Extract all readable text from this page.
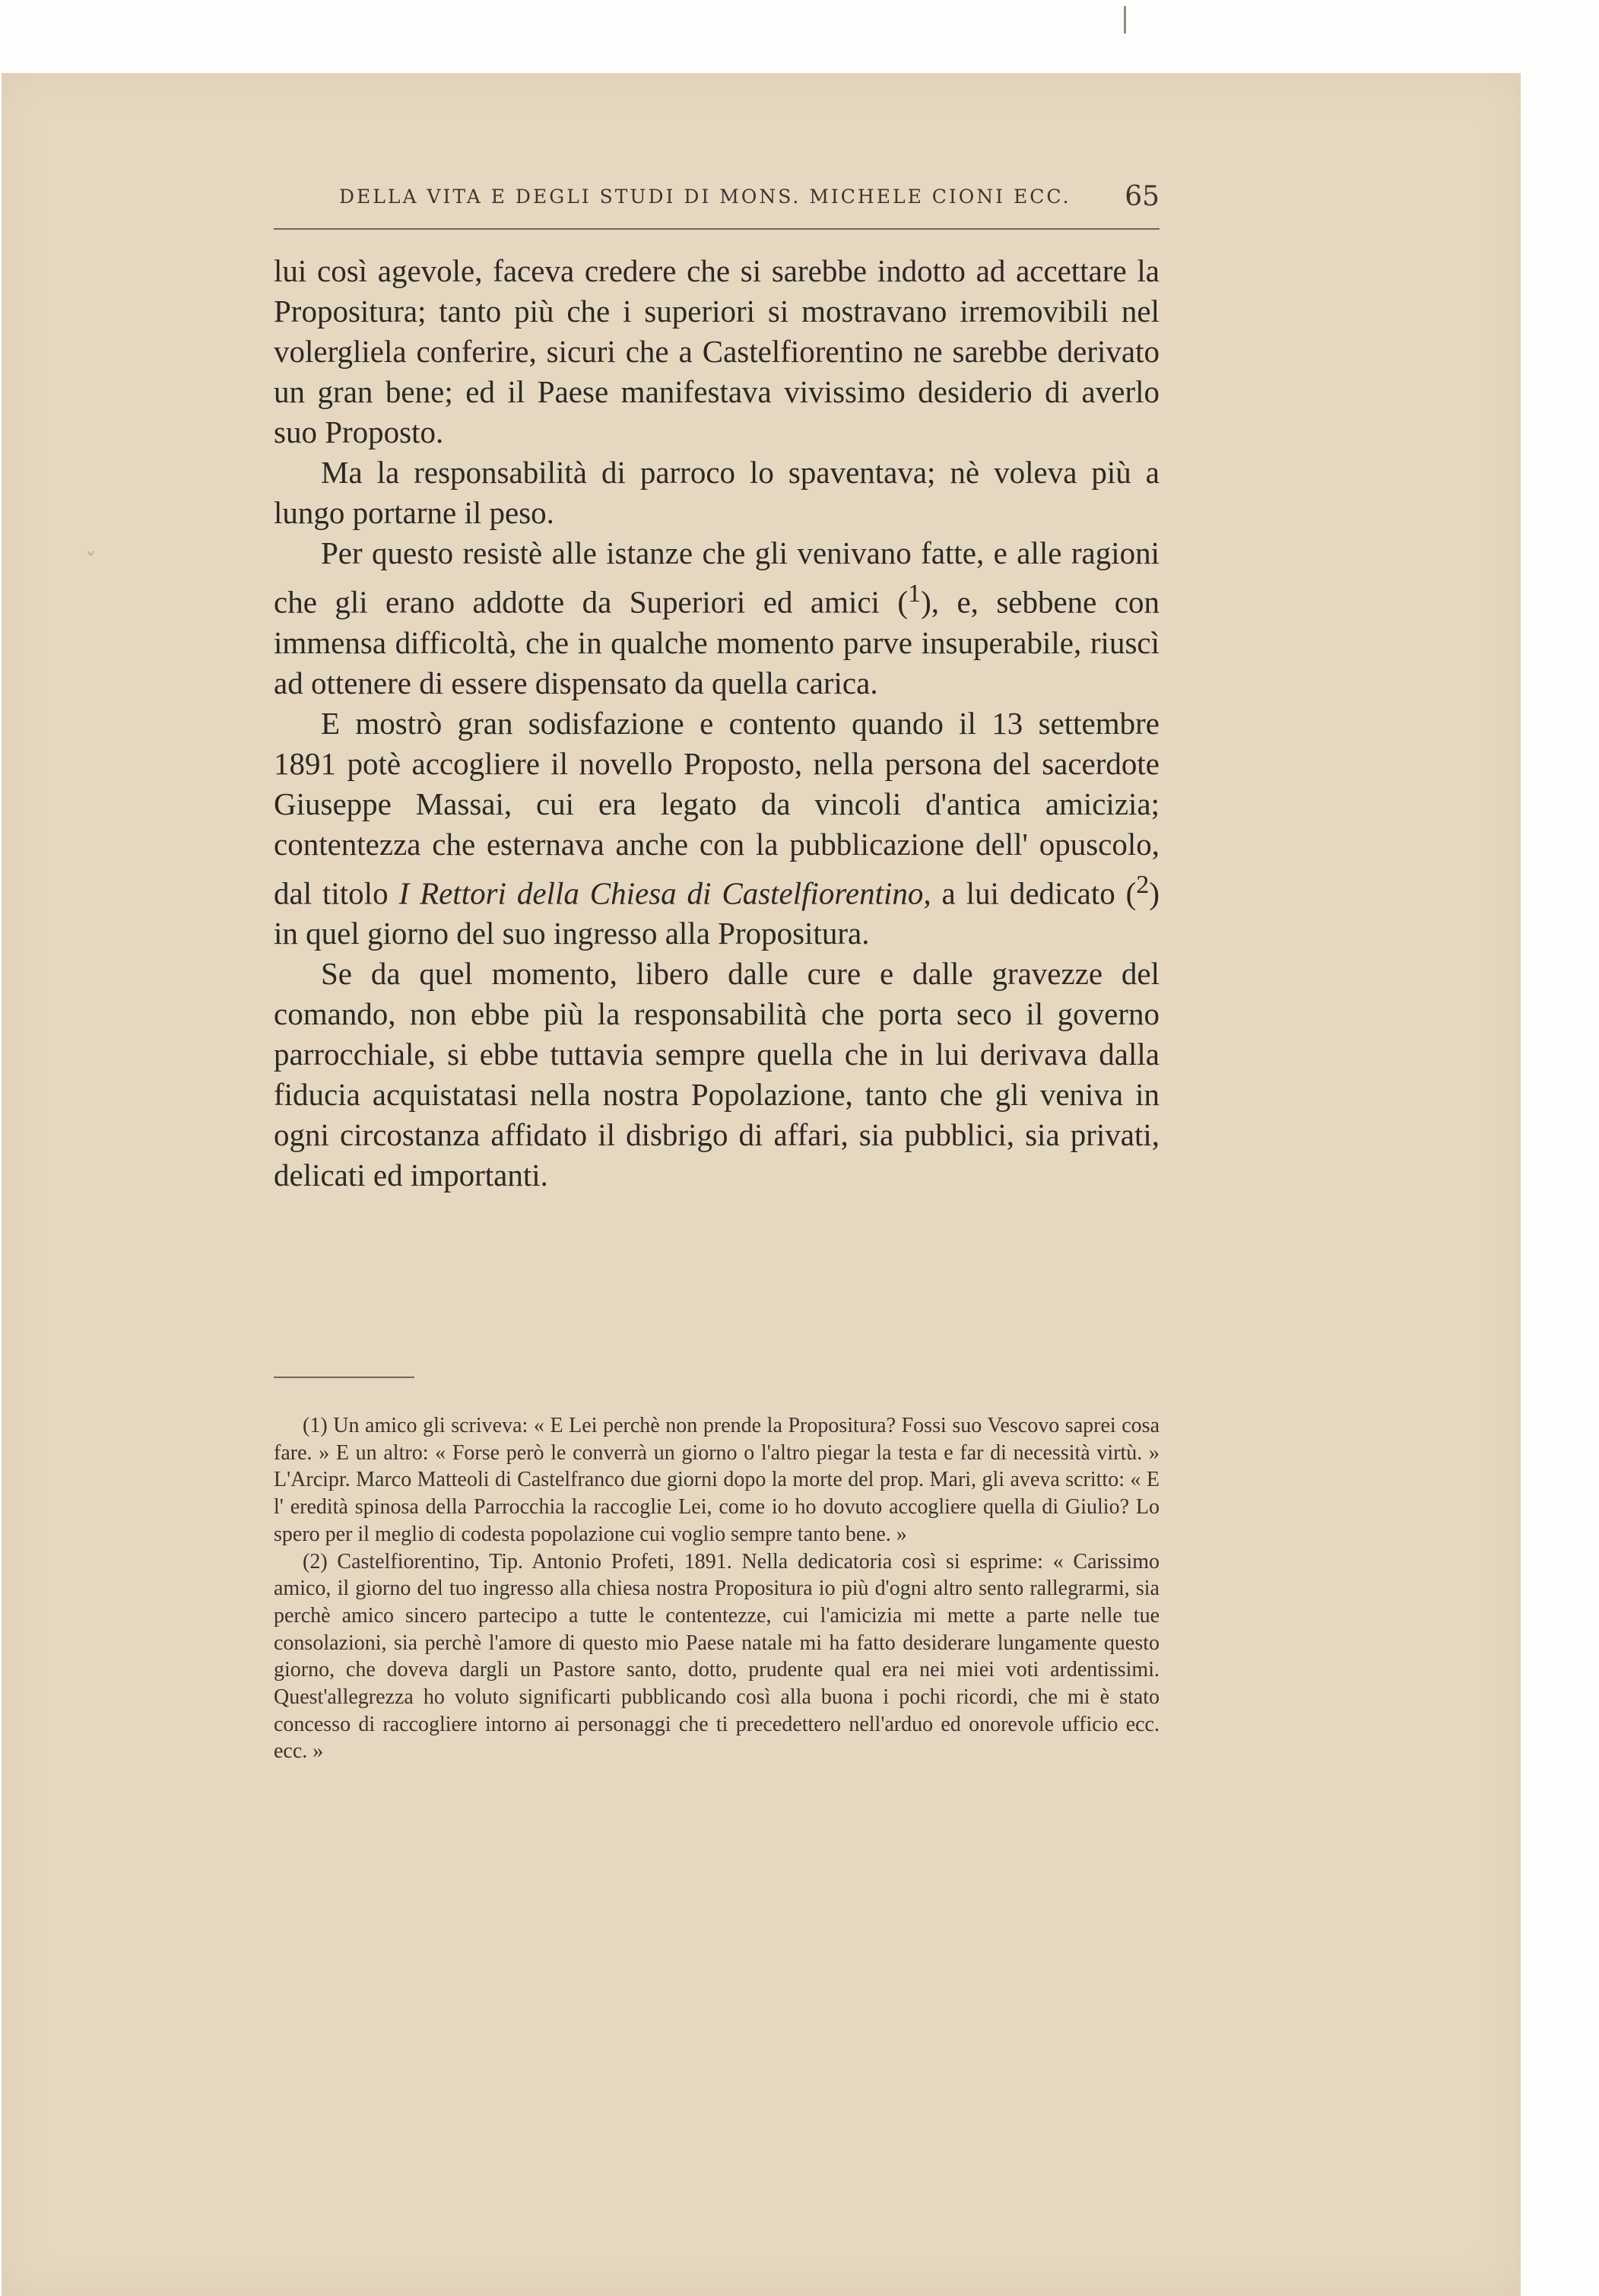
DELLA VITA E DEGLI STUDI DI MONS. MICHELE CIONI ECC. 65
ˇ

lui così agevole, faceva credere che si sarebbe indotto ad accettare la Propositura; tanto più che i superiori si mostravano irremovibili nel volergliela conferire, sicuri che a Castelfiorentino ne sarebbe derivato un gran bene; ed il Paese manifestava vivissimo desiderio di averlo suo Proposto.

Ma la responsabilità di parroco lo spaventava; nè voleva più a lungo portarne il peso.

Per questo resistè alle istanze che gli venivano fatte, e alle ragioni che gli erano addotte da Superiori ed amici ($^1$), e, sebbene con immensa difficoltà, che in qualche momento parve insuperabile, riuscì ad ottenere di essere dispensato da quella carica.

E mostrò gran sodisfazione e contento quando il 13 settembre 1891 potè accogliere il novello Proposto, nella persona del sacerdote Giuseppe Massai, cui era legato da vincoli d'antica amicizia; contentezza che esternava anche con la pubblicazione dell' opuscolo, dal titolo I Rettori della Chiesa di Castelfiorentino, a lui dedicato ($^2$) in quel giorno del suo ingresso alla Propositura.

Se da quel momento, libero dalle cure e dalle gravezze del comando, non ebbe più la responsabilità che porta seco il governo parrocchiale, si ebbe tuttavia sempre quella che in lui derivava dalla fiducia acquistatasi nella nostra Popolazione, tanto che gli veniva in ogni circostanza affidato il disbrigo di affari, sia pubblici, sia privati, delicati ed importanti.

(1) Un amico gli scriveva: « E Lei perchè non prende la Propositura? Fossi suo Vescovo saprei cosa fare. » E un altro: « Forse però le converrà un giorno o l'altro piegar la testa e far di necessità virtù. » L'Arcipr. Marco Matteoli di Castelfranco due giorni dopo la morte del prop. Mari, gli aveva scritto: « E l' eredità spinosa della Parrocchia la raccoglie Lei, come io ho dovuto accogliere quella di Giulio? Lo spero per il meglio di codesta popolazione cui voglio sempre tanto bene. »

(2) Castelfiorentino, Tip. Antonio Profeti, 1891. Nella dedicatoria così si esprime: « Carissimo amico, il giorno del tuo ingresso alla chiesa nostra Propositura io più d'ogni altro sento rallegrarmi, sia perchè amico sincero partecipo a tutte le contentezze, cui l'amicizia mi mette a parte nelle tue consolazioni, sia perchè l'amore di questo mio Paese natale mi ha fatto desiderare lungamente questo giorno, che doveva dargli un Pastore santo, dotto, prudente qual era nei miei voti ardentissimi. Quest'allegrezza ho voluto significarti pubblicando così alla buona i pochi ricordi, che mi è stato concesso di raccogliere intorno ai personaggi che ti precedettero nell'arduo ed onorevole ufficio ecc. ecc. »
